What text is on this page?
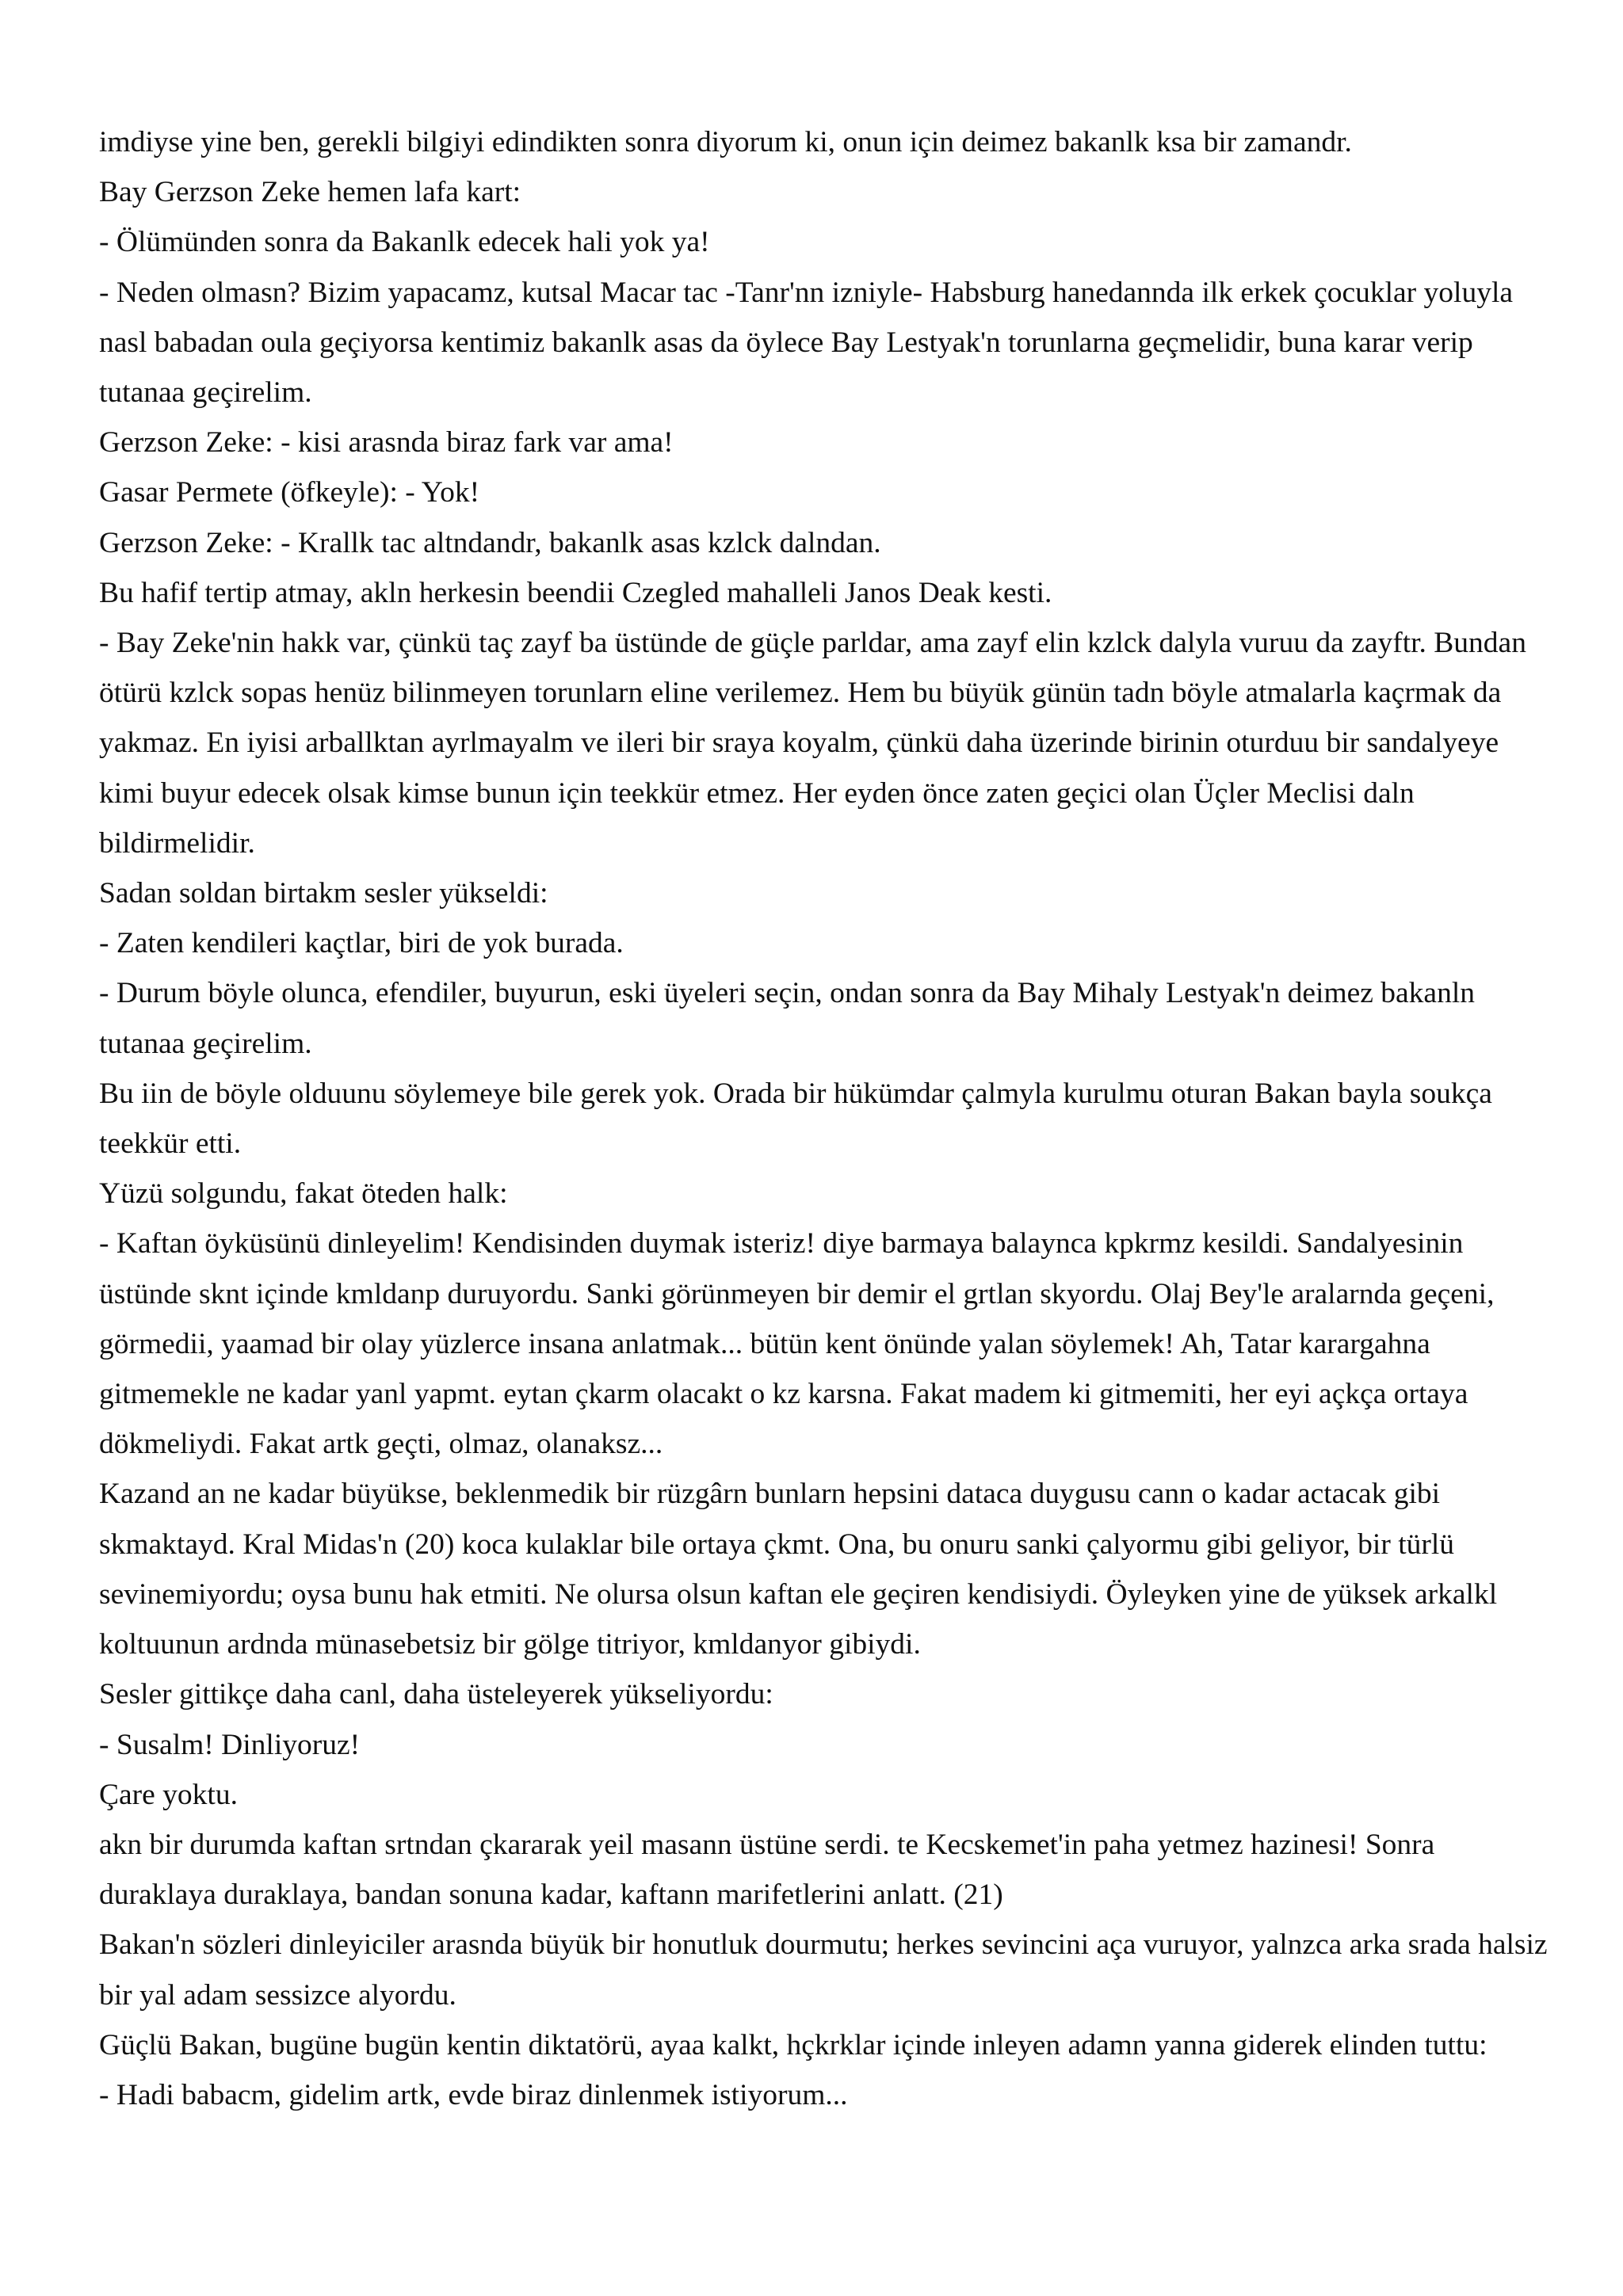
imdiyse yine ben, gerekli bilgiyi edindikten sonra diyorum ki, onun için deimez bakanlk ksa bir zamandr.

Bay Gerzson Zeke hemen lafa kart:

- Ölümünden sonra da Bakanlk edecek hali yok ya!

- Neden olmasn? Bizim yapacamz, kutsal Macar tac -Tanr'nn izniyle- Habsburg hanedannda ilk erkek çocuklar yoluyla nasl babadan oula geçiyorsa kentimiz bakanlk asas da öylece Bay Lestyak'n torunlarna geçmelidir, buna karar verip tutanaa geçirelim.

Gerzson Zeke: - kisi arasnda biraz fark var ama!

Gasar Permete (öfkeyle): - Yok!

Gerzson Zeke: - Krallk tac altndandr, bakanlk asas kzlck dalndan.

Bu hafif tertip atmay, akln herkesin beendii Czegled mahalleli Janos Deak kesti.

- Bay Zeke'nin hakk var, çünkü taç zayf ba üstünde de güçle parldar, ama zayf elin kzlck dalyla vuruu da zayftr. Bundan ötürü kzlck sopas henüz bilinmeyen torunlarn eline verilemez. Hem bu büyük günün tadn böyle atmalarla kaçrmak da yakmaz. En iyisi arballktan ayrlmayalm ve ileri bir sraya koyalm, çünkü daha üzerinde birinin oturduu bir sandalyeye kimi buyur edecek olsak kimse bunun için teekkür etmez. Her eyden önce zaten geçici olan Üçler Meclisi daln bildirmelidir.

Sadan soldan birtakm sesler yükseldi:

- Zaten kendileri kaçtlar, biri de yok burada.

- Durum böyle olunca, efendiler, buyurun, eski üyeleri seçin, ondan sonra da Bay Mihaly Lestyak'n deimez bakanln tutanaa geçirelim.

Bu iin de böyle olduunu söylemeye bile gerek yok. Orada bir hükümdar çalmyla kurulmu oturan Bakan bayla soukça teekkür etti.

Yüzü solgundu, fakat öteden halk:

- Kaftan öyküsünü dinleyelim! Kendisinden duymak isteriz! diye barmaya balaynca kpkrmz kesildi. Sandalyesinin üstünde sknt içinde kmldanp duruyordu. Sanki görünmeyen bir demir el grtlan skyordu. Olaj Bey'le aralarnda geçeni, görmedii, yaamad bir olay yüzlerce insana anlatmak... bütün kent önünde yalan söylemek! Ah, Tatar karargahna gitmemekle ne kadar yanl yapmt. eytan çkarm olacakt o kz karsna. Fakat madem ki gitmemiti, her eyi açkça ortaya dökmeliydi. Fakat artk geçti, olmaz, olanaksz...

Kazand an ne kadar büyükse, beklenmedik bir rüzgârn bunlarn hepsini dataca duygusu cann o kadar actacak gibi skmaktayd. Kral Midas'n (20) koca kulaklar bile ortaya çkmt. Ona, bu onuru sanki çalyormu gibi geliyor, bir türlü sevinemiyordu; oysa bunu hak etmiti. Ne olursa olsun kaftan ele geçiren kendisiydi. Öyleyken yine de yüksek arkalkl koltuunun ardnda münasebetsiz bir gölge titriyor, kmldanyor gibiydi.

Sesler gittikçe daha canl, daha üsteleyerek yükseliyordu:

- Susalm! Dinliyoruz!

Çare yoktu.

akn bir durumda kaftan srtndan çkararak yeil masann üstüne serdi. te Kecskemet'in paha yetmez hazinesi! Sonra duraklaya duraklaya, bandan sonuna kadar, kaftann marifetlerini anlatt. (21)

Bakan'n sözleri dinleyiciler arasnda büyük bir honutluk dourmutu; herkes sevincini aça vuruyor, yalnzca arka srada halsiz bir yal adam sessizce alyordu.

Güçlü Bakan, bugüne bugün kentin diktatörü, ayaa kalkt, hçkrklar içinde inleyen adamn yanna giderek elinden tuttu:

- Hadi babacm, gidelim artk, evde biraz dinlenmek istiyorum...
